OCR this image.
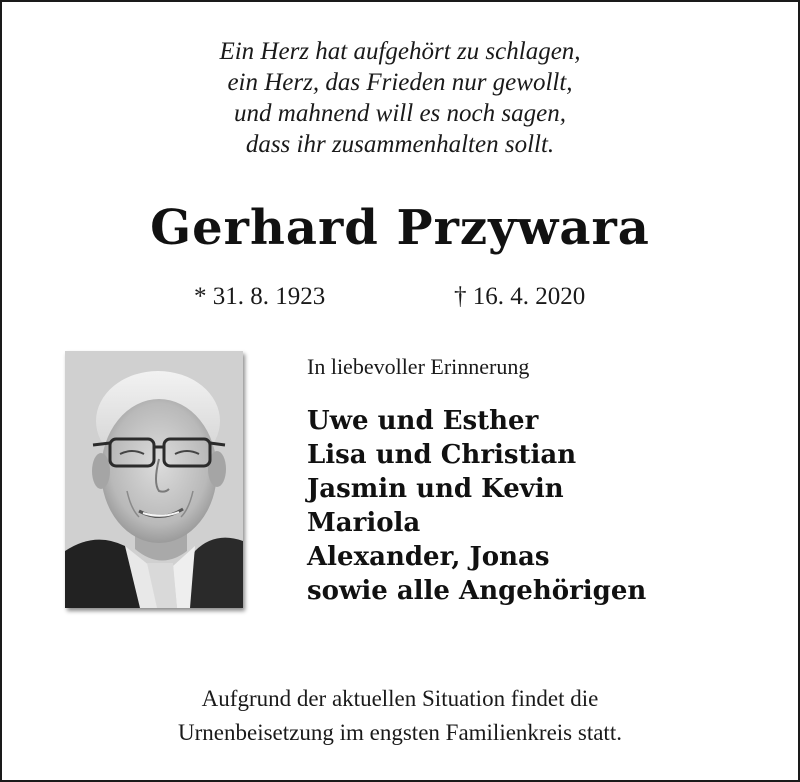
Ein Herz hat aufgehört zu schlagen,
ein Herz, das Frieden nur gewollt,
und mahnend will es noch sagen,
dass ihr zusammenhalten sollt.
Gerhard Przywara
* 31. 8. 1923	† 16. 4. 2020
In liebevoller Erinnerung
Uwe und Esther
Lisa und Christian
Jasmin und Kevin
Mariola
Alexander, Jonas
sowie alle Angehörigen
Aufgrund der aktuellen Situation findet die
Urnenbeisetzung im engsten Familienkreis statt.
